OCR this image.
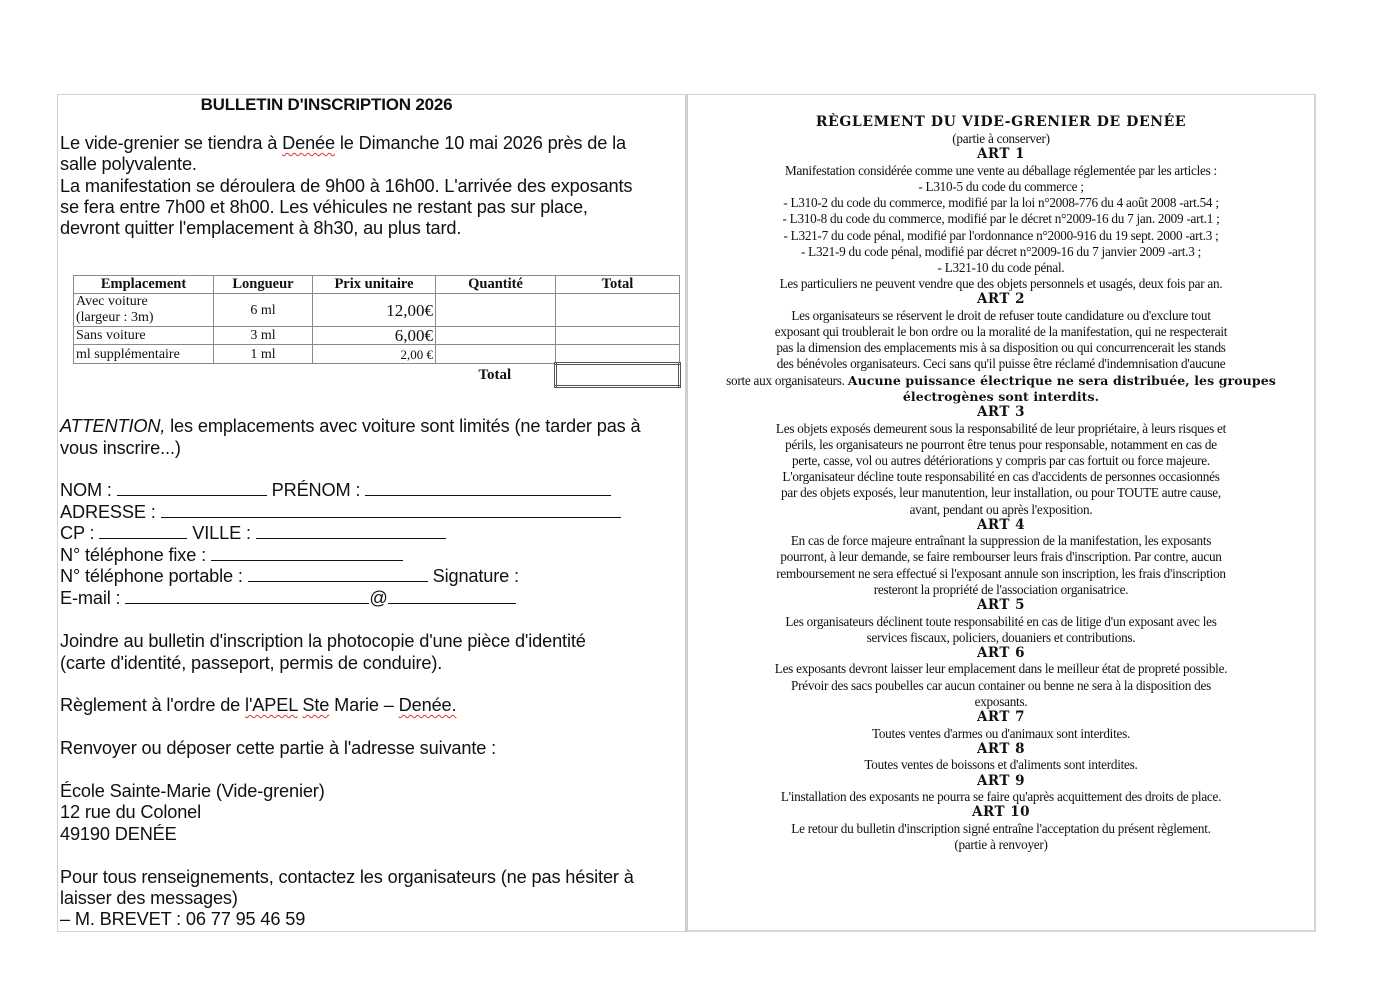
BULLETIN D'INSCRIPTION 2026
Le vide-grenier se tiendra à Denée le Dimanche 10 mai 2026 près de la
salle polyvalente.
La manifestation se déroulera de 9h00 à 16h00. L'arrivée des exposants
se fera entre 7h00 et 8h00. Les véhicules ne restant pas sur place,
devront quitter l'emplacement à 8h30, au plus tard.
Emplacement	Longueur	Prix unitaire	Quantité	Total
Avec voiture
(largeur : 3m)	6 ml	12,00€		
Sans voiture	3 ml	6,00€		
ml supplémentaire	1 ml	2,00 €		
			Total	
ATTENTION, les emplacements avec voiture sont limités (ne tarder pas à
vous inscrire...)
NOM :	PRÉNOM :
ADRESSE :
CP :	VILLE :
N° téléphone fixe :
N° téléphone portable :	Signature :
E-mail :	@
Joindre au bulletin d'inscription la photocopie d'une pièce d'identité
(carte d'identité, passeport, permis de conduire).
Règlement à l'ordre de l'APEL Ste Marie – Denée.
Renvoyer ou déposer cette partie à l'adresse suivante :
École Sainte-Marie (Vide-grenier)
12 rue du Colonel
49190 DENÉE
Pour tous renseignements, contactez les organisateurs (ne pas hésiter à
laisser des messages)
– M. BREVET : 06 77 95 46 59
RÈGLEMENT DU VIDE-GRENIER DE DENÉE
(partie à conserver)
ART 1
Manifestation considérée comme une vente au déballage réglementée par les articles :
- L310-5 du code du commerce ;
- L310-2 du code du commerce, modifié par la loi n°2008-776 du 4 août 2008 -art.54 ;
- L310-8 du code du commerce, modifié par le décret n°2009-16 du 7 jan. 2009 -art.1 ;
- L321-7 du code pénal, modifié par l'ordonnance n°2000-916 du 19 sept. 2000 -art.3 ;
- L321-9 du code pénal, modifié par décret n°2009-16 du 7 janvier 2009 -art.3 ;
- L321-10 du code pénal.
Les particuliers ne peuvent vendre que des objets personnels et usagés, deux fois par an.
ART 2
Les organisateurs se réservent le droit de refuser toute candidature ou d'exclure tout
exposant qui troublerait le bon ordre ou la moralité de la manifestation, qui ne respecterait
pas la dimension des emplacements mis à sa disposition ou qui concurrencerait les stands
des bénévoles organisateurs. Ceci sans qu'il puisse être réclamé d'indemnisation d'aucune
sorte aux organisateurs. Aucune puissance électrique ne sera distribuée, les groupes
électrogènes sont interdits.
ART 3
Les objets exposés demeurent sous la responsabilité de leur propriétaire, à leurs risques et
périls, les organisateurs ne pourront être tenus pour responsable, notamment en cas de
perte, casse, vol ou autres détériorations y compris par cas fortuit ou force majeure.
L'organisateur décline toute responsabilité en cas d'accidents de personnes occasionnés
par des objets exposés, leur manutention, leur installation, ou pour TOUTE autre cause,
avant, pendant ou après l'exposition.
ART 4
En cas de force majeure entraînant la suppression de la manifestation, les exposants
pourront, à leur demande, se faire rembourser leurs frais d'inscription. Par contre, aucun
remboursement ne sera effectué si l'exposant annule son inscription, les frais d'inscription
resteront la propriété de l'association organisatrice.
ART 5
Les organisateurs déclinent toute responsabilité en cas de litige d'un exposant avec les
services fiscaux, policiers, douaniers et contributions.
ART 6
Les exposants devront laisser leur emplacement dans le meilleur état de propreté possible.
Prévoir des sacs poubelles car aucun container ou benne ne sera à la disposition des
exposants.
ART 7
Toutes ventes d'armes ou d'animaux sont interdites.
ART 8
Toutes ventes de boissons et d'aliments sont interdites.
ART 9
L'installation des exposants ne pourra se faire qu'après acquittement des droits de place.
ART 10
Le retour du bulletin d'inscription signé entraîne l'acceptation du présent règlement.
(partie à renvoyer)
